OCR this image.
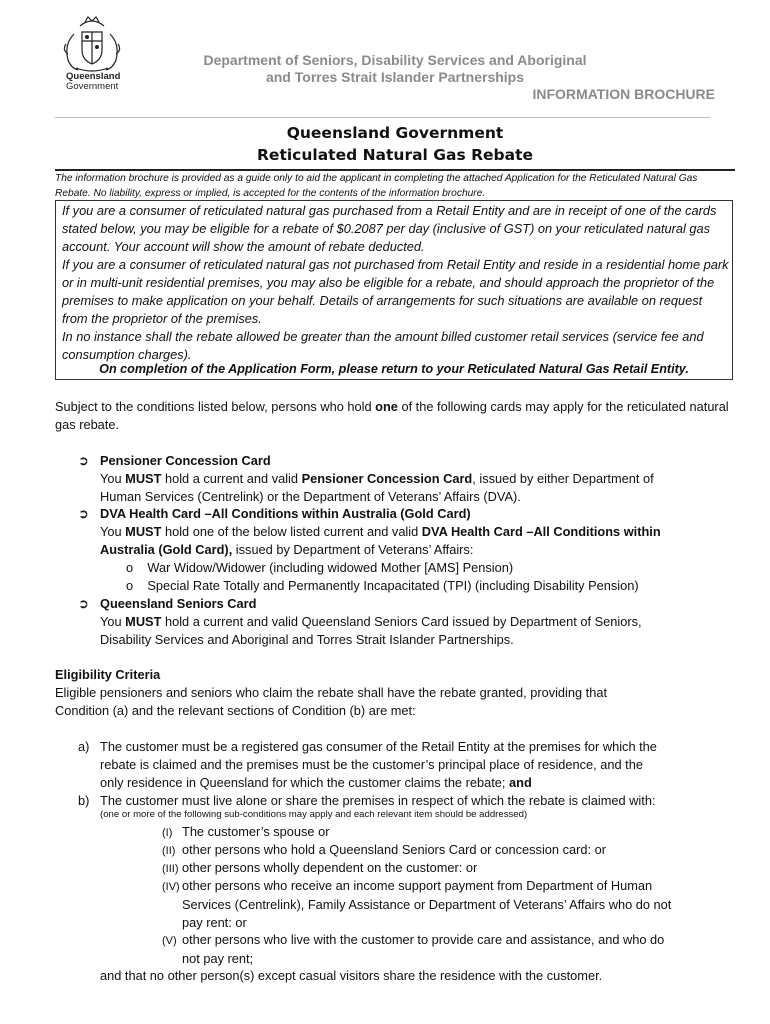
Queensland
Government
Department of Seniors, Disability Services and Aboriginal
and Torres Strait Islander Partnerships
INFORMATION BROCHURE
Queensland Government
Reticulated Natural Gas Rebate
The information brochure is provided as a guide only to aid the applicant in completing the attached Application for the Reticulated Natural Gas Rebate. No liability, express or implied, is accepted for the contents of the information brochure.

If you are a consumer of reticulated natural gas purchased from a Retail Entity and are in receipt of one of the cards stated below, you may be eligible for a rebate of $0.2087 per day (inclusive of GST) on your reticulated natural gas account. Your account will show the amount of rebate deducted.

If you are a consumer of reticulated natural gas not purchased from Retail Entity and reside in a residential home park or in multi-unit residential premises, you may also be eligible for a rebate, and should approach the proprietor of the premises to make application on your behalf. Details of arrangements for such situations are available on request from the proprietor of the premises.

In no instance shall the rebate allowed be greater than the amount billed customer retail services (service fee and consumption charges).

On completion of the Application Form, please return to your Reticulated Natural Gas Retail Entity.
Subject to the conditions listed below, persons who hold one of the following cards may apply for the reticulated natural gas rebate.
➲ Pensioner Concession Card
You MUST hold a current and valid Pensioner Concession Card, issued by either Department of
Human Services (Centrelink) or the Department of Veterans’ Affairs (DVA).
➲ DVA Health Card –All Conditions within Australia (Gold Card)
You MUST hold one of the below listed current and valid DVA Health Card –All Conditions within
Australia (Gold Card), issued by Department of Veterans’ Affairs:
o    War Widow/Widower (including widowed Mother [AMS] Pension)
o    Special Rate Totally and Permanently Incapacitated (TPI) (including Disability Pension)
➲ Queensland Seniors Card
You MUST hold a current and valid Queensland Seniors Card issued by Department of Seniors,
Disability Services and Aboriginal and Torres Strait Islander Partnerships.
Eligibility Criteria
Eligible pensioners and seniors who claim the rebate shall have the rebate granted, providing that
Condition (a) and the relevant sections of Condition (b) are met:
a) The customer must be a registered gas consumer of the Retail Entity at the premises for which the
rebate is claimed and the premises must be the customer’s principal place of residence, and the
only residence in Queensland for which the customer claims the rebate; and
b) The customer must live alone or share the premises in respect of which the rebate is claimed with:
(one or more of the following sub-conditions may apply and each relevant item should be addressed)
(I) The customer’s spouse or
(II) other persons who hold a Queensland Seniors Card or concession card: or
(III) other persons wholly dependent on the customer: or
(IV) other persons who receive an income support payment from Department of Human
Services (Centrelink), Family Assistance or Department of Veterans’ Affairs who do not
pay rent: or
(V) other persons who live with the customer to provide care and assistance, and who do
not pay rent;
and that no other person(s) except casual visitors share the residence with the customer.
